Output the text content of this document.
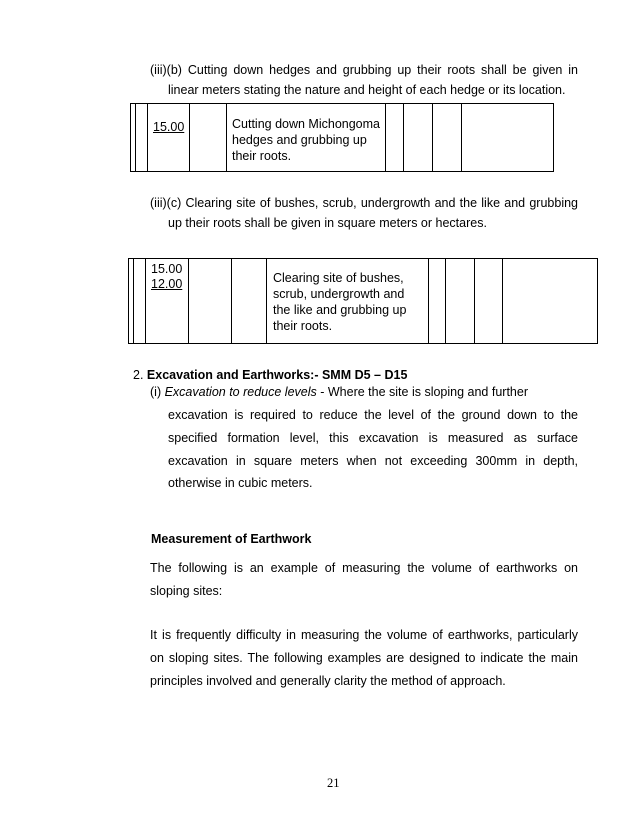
(iii)(b) Cutting down hedges and grubbing up their roots shall be given in

linear meters stating the nature and height of each hedge or its location.

15.00	Cutting down Michongoma

hedges and grubbing up

their roots.

(iii)(c) Clearing site of bushes, scrub, undergrowth and the like and grubbing

up their roots shall be given in square meters or hectares.

15.00

12.00	Clearing site of bushes,

scrub, undergrowth and

the like and grubbing up

their roots.

2. Excavation and Earthworks:- SMM D5 – D15

(i) Excavation to reduce levels - Where the site is sloping and further

excavation is required to reduce the level of the ground down to the

specified formation level, this excavation is measured as surface

excavation in square meters when not exceeding 300mm in depth,

otherwise in cubic meters.

Measurement of Earthwork

The following is an example of measuring the volume of earthworks on

sloping sites:

It is frequently difficulty in measuring the volume of earthworks, particularly

on sloping sites. The following examples are designed to indicate the main

principles involved and generally clarity the method of approach.

21
